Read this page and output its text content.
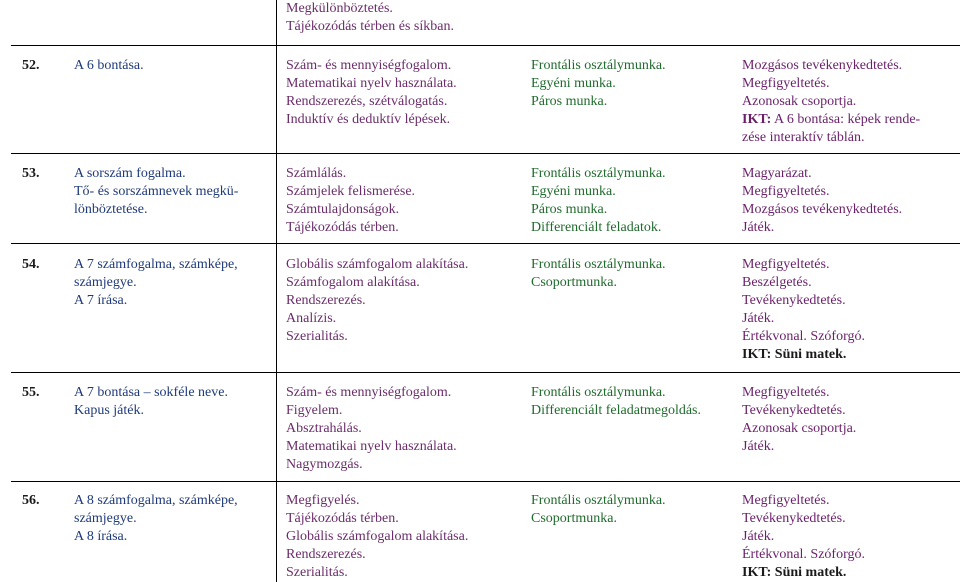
Megkülönböztetés.
Tájékozódás térben és síkban.
52. A 6 bontása.	Szám- és mennyiségfogalom.
Matematikai nyelv használata.
Rendszerezés, szétválogatás.
Induktív és deduktív lépések.
Frontális osztálymunka.
Egyéni munka.
Páros munka.
Mozgásos tevékenykedtetés.
Megfigyeltetés.
Azonosak csoportja.
IKT: A 6 bontása: képek rende-
zése interaktív táblán.
53. A sorszám fogalma.
Tő- és sorszámnevek megkü-
lönböztetése.
Számlálás.
Számjelek felismerése.
Számtulajdonságok.
Tájékozódás térben.
Frontális osztálymunka.
Egyéni munka.
Páros munka.
Differenciált feladatok.
Magyarázat.
Megfigyeltetés.
Mozgásos tevékenykedtetés.
Játék.
54. A 7 számfogalma, számképe,
számjegye.
A 7 írása.
Globális számfogalom alakítása.
Számfogalom alakítása.
Rendszerezés.
Analízis.
Szerialitás.
Frontális osztálymunka.
Csoportmunka.
Megfigyeltetés.
Beszélgetés.
Tevékenykedtetés.
Játék.
Értékvonal. Szóforgó.
IKT: Süni matek.
55. A 7 bontása – sokféle neve.
Kapus játék.
Szám- és mennyiségfogalom.
Figyelem.
Absztrahálás.
Matematikai nyelv használata.
Nagymozgás.
Frontális osztálymunka.
Differenciált feladatmegoldás.
Megfigyeltetés.
Tevékenykedtetés.
Azonosak csoportja.
Játék.
56. A 8 számfogalma, számképe,
számjegye.
A 8 írása.
Megfigyelés.
Tájékozódás térben.
Globális számfogalom alakítása.
Rendszerezés.
Szerialitás.
Frontális osztálymunka.
Csoportmunka.
Megfigyeltetés.
Tevékenykedtetés.
Játék.
Értékvonal. Szóforgó.
IKT: Süni matek.
